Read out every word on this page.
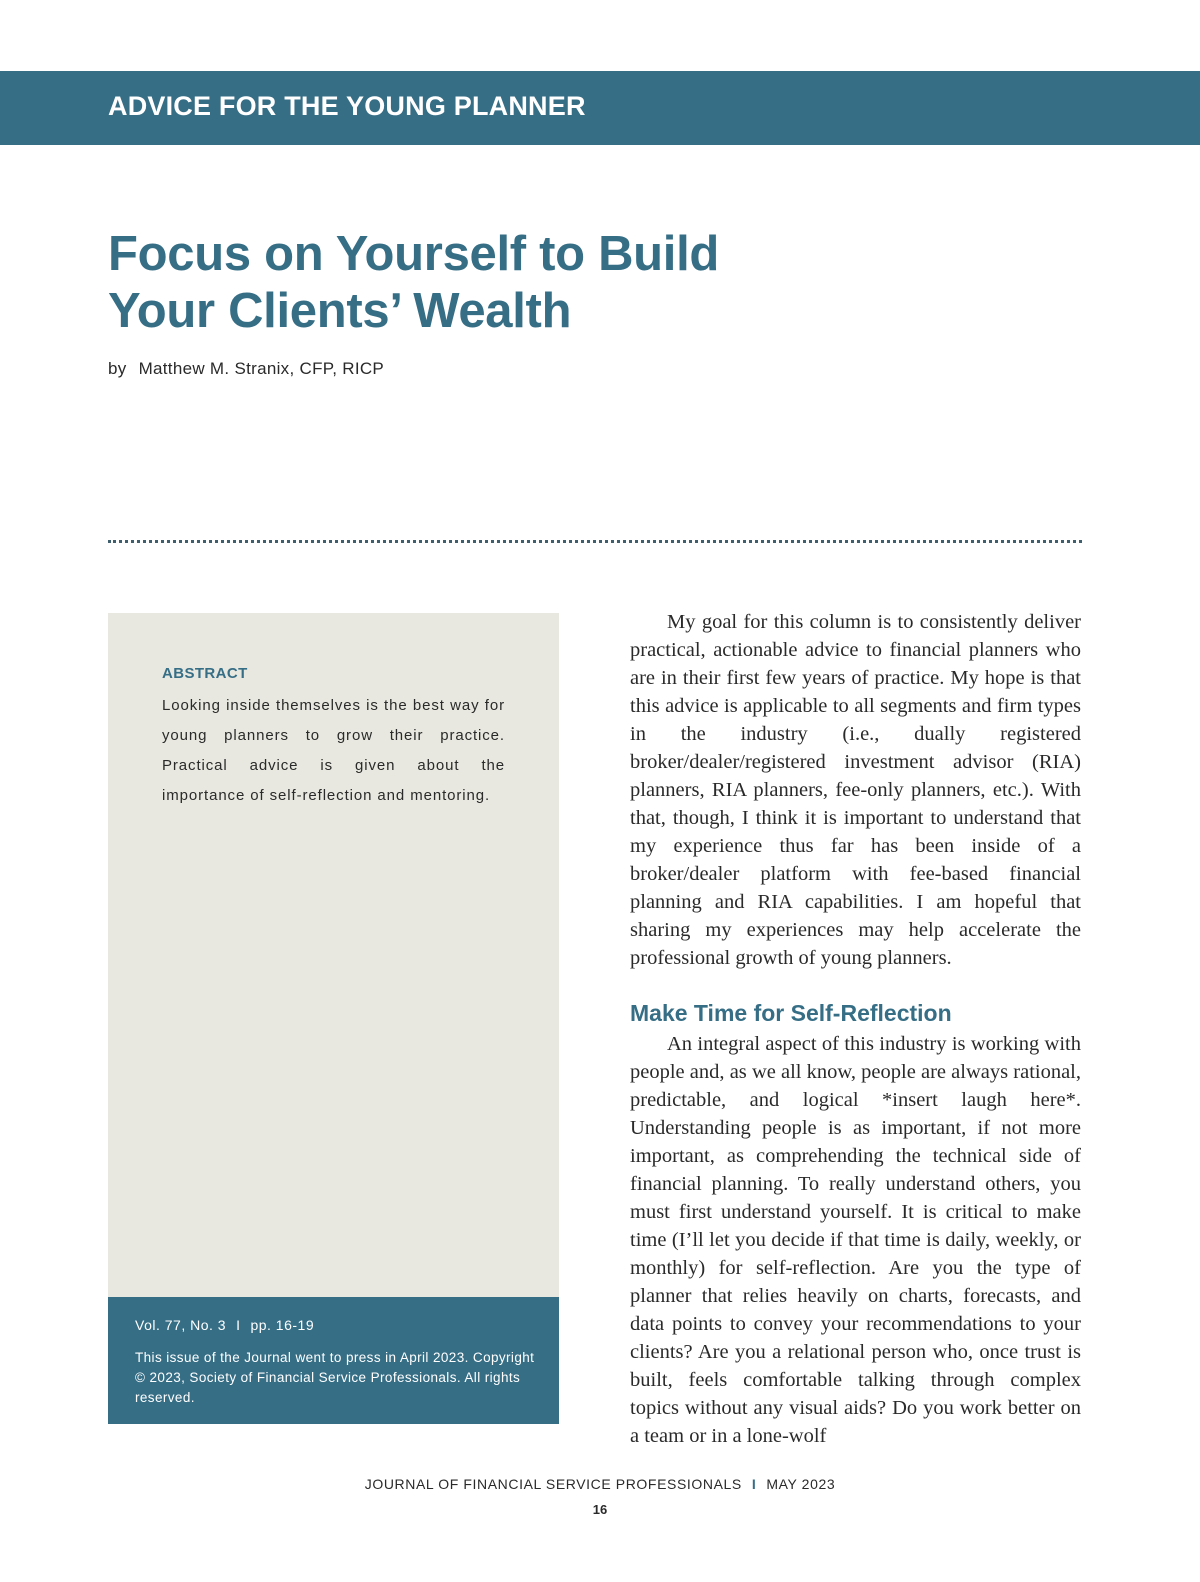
ADVICE FOR THE YOUNG PLANNER
Focus on Yourself to Build Your Clients’ Wealth
by Matthew M. Stranix, CFP, RICP
ABSTRACT

Looking inside themselves is the best way for young planners to grow their practice. Practical advice is given about the importance of self-reflection and mentoring.

Vol. 77, No. 3 I pp. 16-19
This issue of the Journal went to press in April 2023. Copyright © 2023, Society of Financial Service Professionals. All rights reserved.

My goal for this column is to consistently deliver practical, actionable advice to financial planners who are in their first few years of practice. My hope is that this advice is applicable to all segments and firm types in the industry (i.e., dually registered broker/dealer/registered investment advisor (RIA) planners, RIA planners, fee-only planners, etc.). With that, though, I think it is important to understand that my experience thus far has been inside of a broker/dealer platform with fee-based financial planning and RIA capabilities. I am hopeful that sharing my experiences may help accelerate the professional growth of young planners.

Make Time for Self-Reflection

An integral aspect of this industry is working with people and, as we all know, people are always rational, predictable, and logical *insert laugh here*. Understanding people is as important, if not more important, as comprehending the technical side of financial planning. To really understand others, you must first understand yourself. It is critical to make time (I’ll let you decide if that time is daily, weekly, or monthly) for self-reflection. Are you the type of planner that relies heavily on charts, forecasts, and data points to convey your recommendations to your clients? Are you a relational person who, once trust is built, feels comfortable talking through complex topics without any visual aids? Do you work better on a team or in a lone-wolf

JOURNAL OF FINANCIAL SERVICE PROFESSIONALS I MAY 2023
16
